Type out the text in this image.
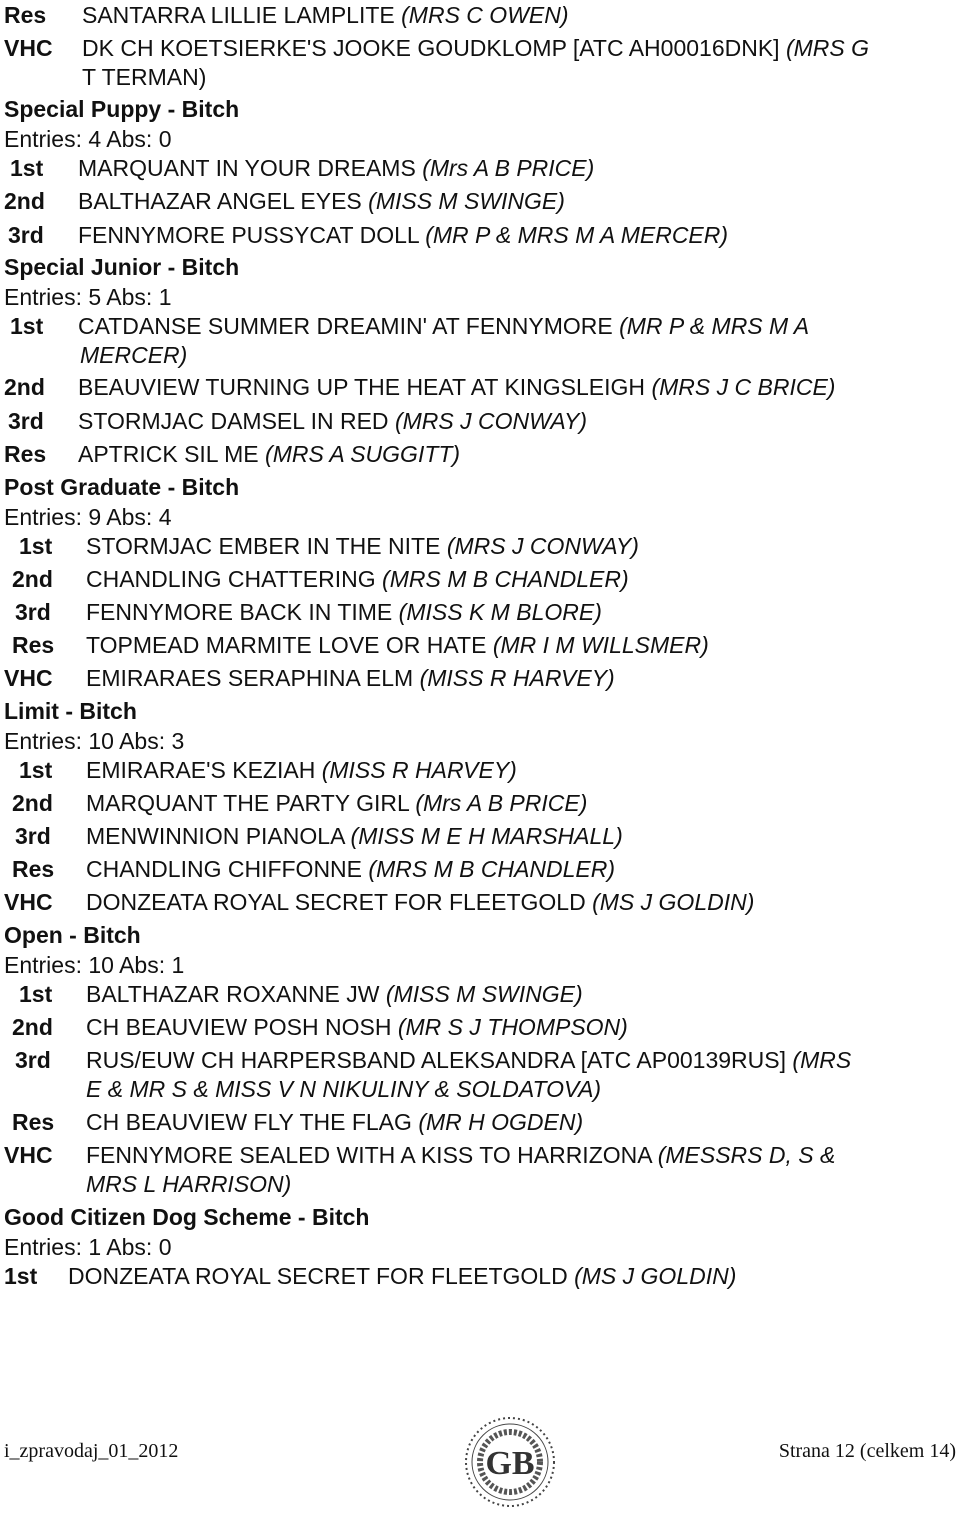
Res	SANTARRA LILLIE LAMPLITE (MRS C OWEN)
VHC	DK CH KOETSIERKE'S JOOKE GOUDKLOMP [ATC AH00016DNK] (MRS G
T TERMAN)
Special Puppy - Bitch
Entries: 4 Abs: 0
1st	MARQUANT IN YOUR DREAMS (Mrs A B PRICE)
2nd	BALTHAZAR ANGEL EYES (MISS M SWINGE)
3rd	FENNYMORE PUSSYCAT DOLL (MR P & MRS M A MERCER)
Special Junior - Bitch
Entries: 5 Abs: 1
1st	CATDANSE SUMMER DREAMIN' AT FENNYMORE (MR P & MRS M A
MERCER)
2nd	BEAUVIEW TURNING UP THE HEAT AT KINGSLEIGH (MRS J C BRICE)
3rd	STORMJAC DAMSEL IN RED (MRS J CONWAY)
Res	APTRICK SIL ME (MRS A SUGGITT)
Post Graduate - Bitch
Entries: 9 Abs: 4
1st	STORMJAC EMBER IN THE NITE (MRS J CONWAY)
2nd	CHANDLING CHATTERING (MRS M B CHANDLER)
3rd	FENNYMORE BACK IN TIME (MISS K M BLORE)
Res	TOPMEAD MARMITE LOVE OR HATE (MR I M WILLSMER)
VHC	EMIRARAES SERAPHINA ELM (MISS R HARVEY)
Limit - Bitch
Entries: 10 Abs: 3
1st	EMIRARAE'S KEZIAH (MISS R HARVEY)
2nd	MARQUANT THE PARTY GIRL (Mrs A B PRICE)
3rd	MENWINNION PIANOLA (MISS M E H MARSHALL)
Res	CHANDLING CHIFFONNE (MRS M B CHANDLER)
VHC	DONZEATA ROYAL SECRET FOR FLEETGOLD (MS J GOLDIN)
Open - Bitch
Entries: 10 Abs: 1
1st	BALTHAZAR ROXANNE JW (MISS M SWINGE)
2nd	CH BEAUVIEW POSH NOSH (MR S J THOMPSON)
3rd	RUS/EUW CH HARPERSBAND ALEKSANDRA [ATC AP00139RUS] (MRS
E & MR S & MISS V N NIKULINY & SOLDATOVA)
Res	CH BEAUVIEW FLY THE FLAG (MR H OGDEN)
VHC	FENNYMORE SEALED WITH A KISS TO HARRIZONA (MESSRS D, S &
MRS L HARRISON)
Good Citizen Dog Scheme - Bitch
Entries: 1 Abs: 0
1st	DONZEATA ROYAL SECRET FOR FLEETGOLD (MS J GOLDIN)
i_zpravodaj_01_2012	Strana 12 (celkem 14)
GB
